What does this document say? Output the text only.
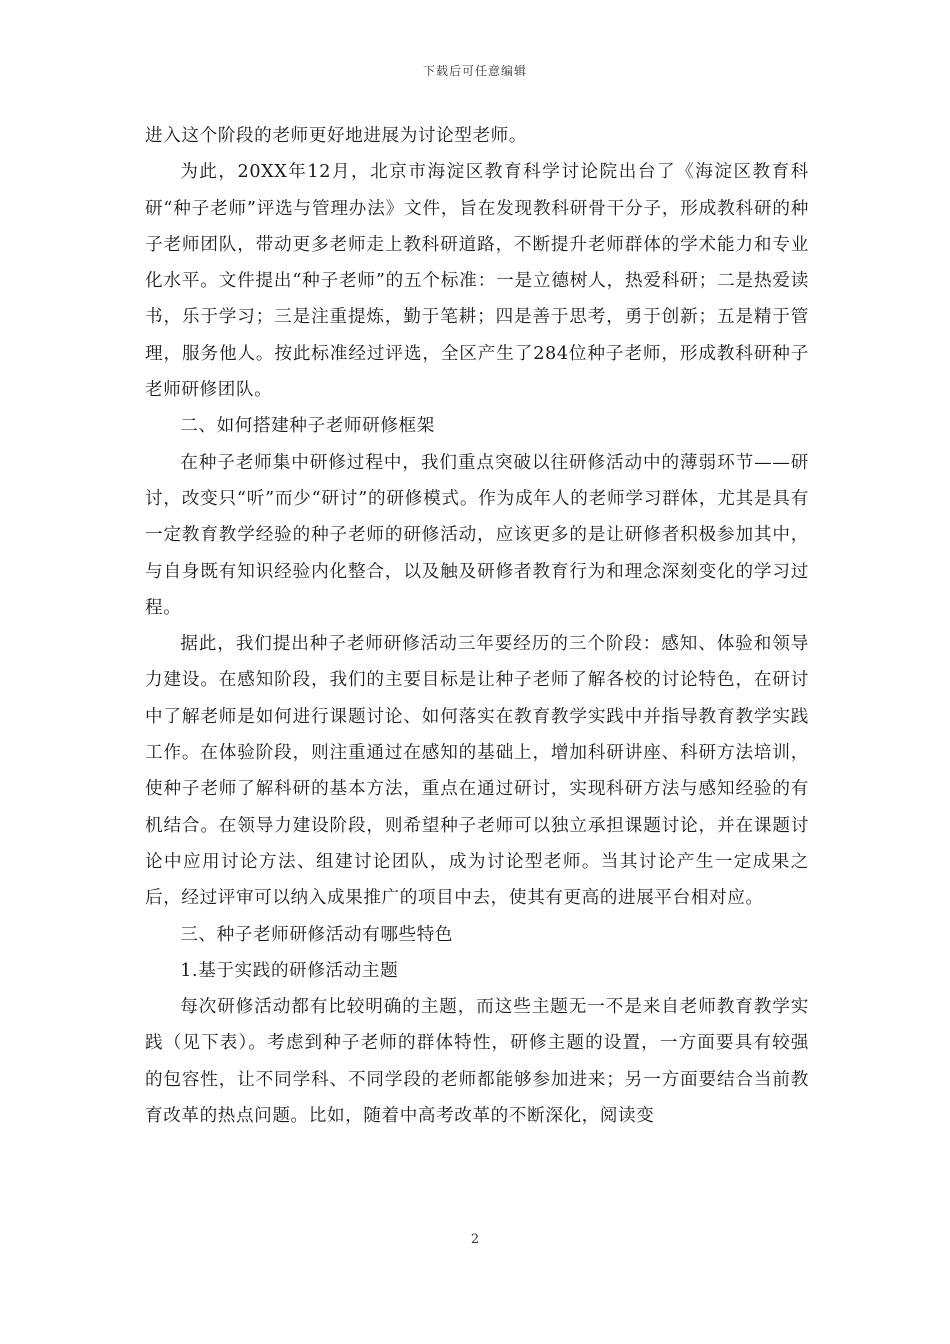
下载后可任意编辑

进入这个阶段的老师更好地进展为讨论型老师。

为此，20XX年12月，北京市海淀区教育科学讨论院出台了《海淀区教育科研“种子老师”评选与管理办法》文件，旨在发现教科研骨干分子，形成教科研的种子老师团队，带动更多老师走上教科研道路，不断提升老师群体的学术能力和专业化水平。文件提出“种子老师”的五个标准：一是立德树人，热爱科研；二是热爱读书，乐于学习；三是注重提炼，勤于笔耕；四是善于思考，勇于创新；五是精于管理，服务他人。按此标准经过评选，全区产生了284位种子老师，形成教科研种子老师研修团队。

二、如何搭建种子老师研修框架

在种子老师集中研修过程中，我们重点突破以往研修活动中的薄弱环节——研讨，改变只“听”而少“研讨”的研修模式。作为成年人的老师学习群体，尤其是具有一定教育教学经验的种子老师的研修活动，应该更多的是让研修者积极参加其中，与自身既有知识经验内化整合，以及触及研修者教育行为和理念深刻变化的学习过程。

据此，我们提出种子老师研修活动三年要经历的三个阶段：感知、体验和领导力建设。在感知阶段，我们的主要目标是让种子老师了解各校的讨论特色，在研讨中了解老师是如何进行课题讨论、如何落实在教育教学实践中并指导教育教学实践工作。在体验阶段，则注重通过在感知的基础上，增加科研讲座、科研方法培训，使种子老师了解科研的基本方法，重点在通过研讨，实现科研方法与感知经验的有机结合。在领导力建设阶段，则希望种子老师可以独立承担课题讨论，并在课题讨论中应用讨论方法、组建讨论团队，成为讨论型老师。当其讨论产生一定成果之后，经过评审可以纳入成果推广的项目中去，使其有更高的进展平台相对应。

三、种子老师研修活动有哪些特色

1.基于实践的研修活动主题

每次研修活动都有比较明确的主题，而这些主题无一不是来自老师教育教学实践（见下表）。考虑到种子老师的群体特性，研修主题的设置，一方面要具有较强的包容性，让不同学科、不同学段的老师都能够参加进来；另一方面要结合当前教育改革的热点问题。比如，随着中高考改革的不断深化，阅读变

2
